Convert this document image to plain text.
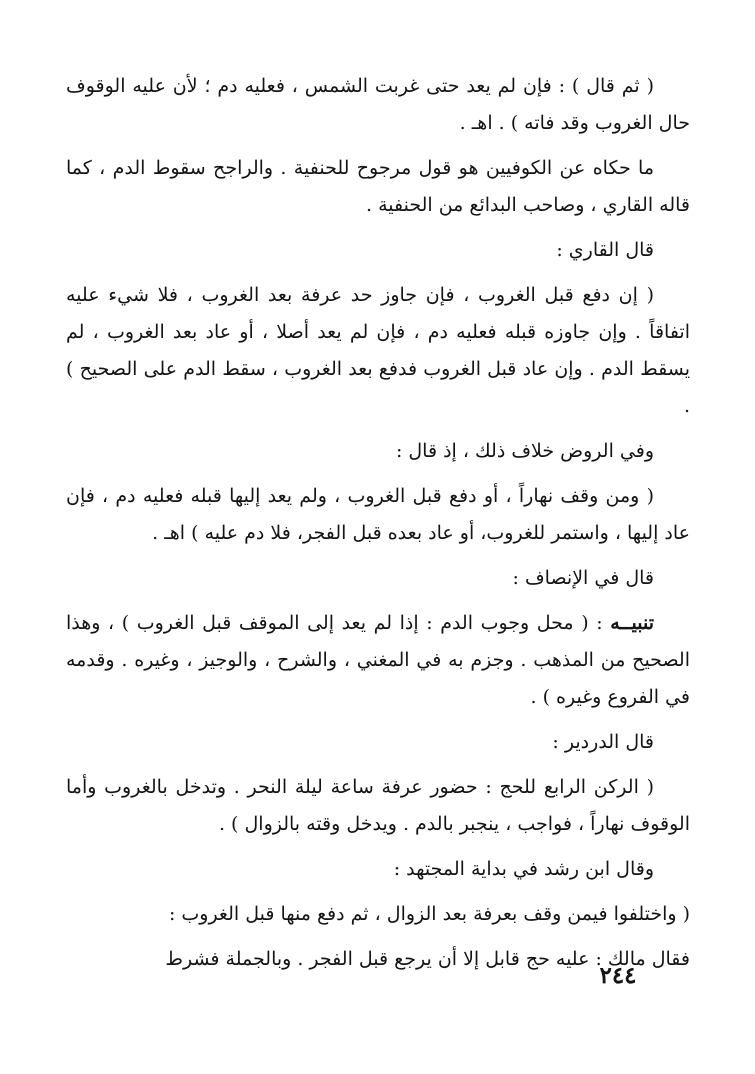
( ثم قال ) : فإن لم يعد حتى غربت الشمس ، فعليه دم ؛ لأن عليه الوقوف حال الغروب وقد فاته ) . اهـ .

ما حكاه عن الكوفيين هو قول مرجوح للحنفية . والراجح سقوط الدم ، كما قاله القاري ، وصاحب البدائع من الحنفية .

قال القاري :

( إن دفع قبل الغروب ، فإن جاوز حد عرفة بعد الغروب ، فلا شيء عليه اتفاقاً . وإن جاوزه قبله فعليه دم ، فإن لم يعد أصلا ، أو عاد بعد الغروب ، لم يسقط الدم . وإن عاد قبل الغروب فدفع بعد الغروب ، سقط الدم على الصحيح ) .

وفي الروض خلاف ذلك ، إذ قال :

( ومن وقف نهاراً ، أو دفع قبل الغروب ، ولم يعد إليها قبله فعليه دم ، فإن عاد إليها ، واستمر للغروب، أو عاد بعده قبل الفجر، فلا دم عليه ) اهـ .

قال في الإنصاف :

تنبيــه : ( محل وجوب الدم : إذا لم يعد إلى الموقف قبل الغروب ) ، وهذا الصحيح من المذهب . وجزم به في المغني ، والشرح ، والوجيز ، وغيره . وقدمه في الفروع وغيره ) .

قال الدردير :

( الركن الرابع للحج : حضور عرفة ساعة ليلة النحر . وتدخل بالغروب وأما الوقوف نهاراً ، فواجب ، ينجبر بالدم . ويدخل وقته بالزوال ) .

وقال ابن رشد في بداية المجتهد :

( واختلفوا فيمن وقف بعرفة بعد الزوال ، ثم دفع منها قبل الغروب :

فقال مالك : عليه حج قابل إلا أن يرجع قبل الفجر . وبالجملة فشرط

٢٤٤
